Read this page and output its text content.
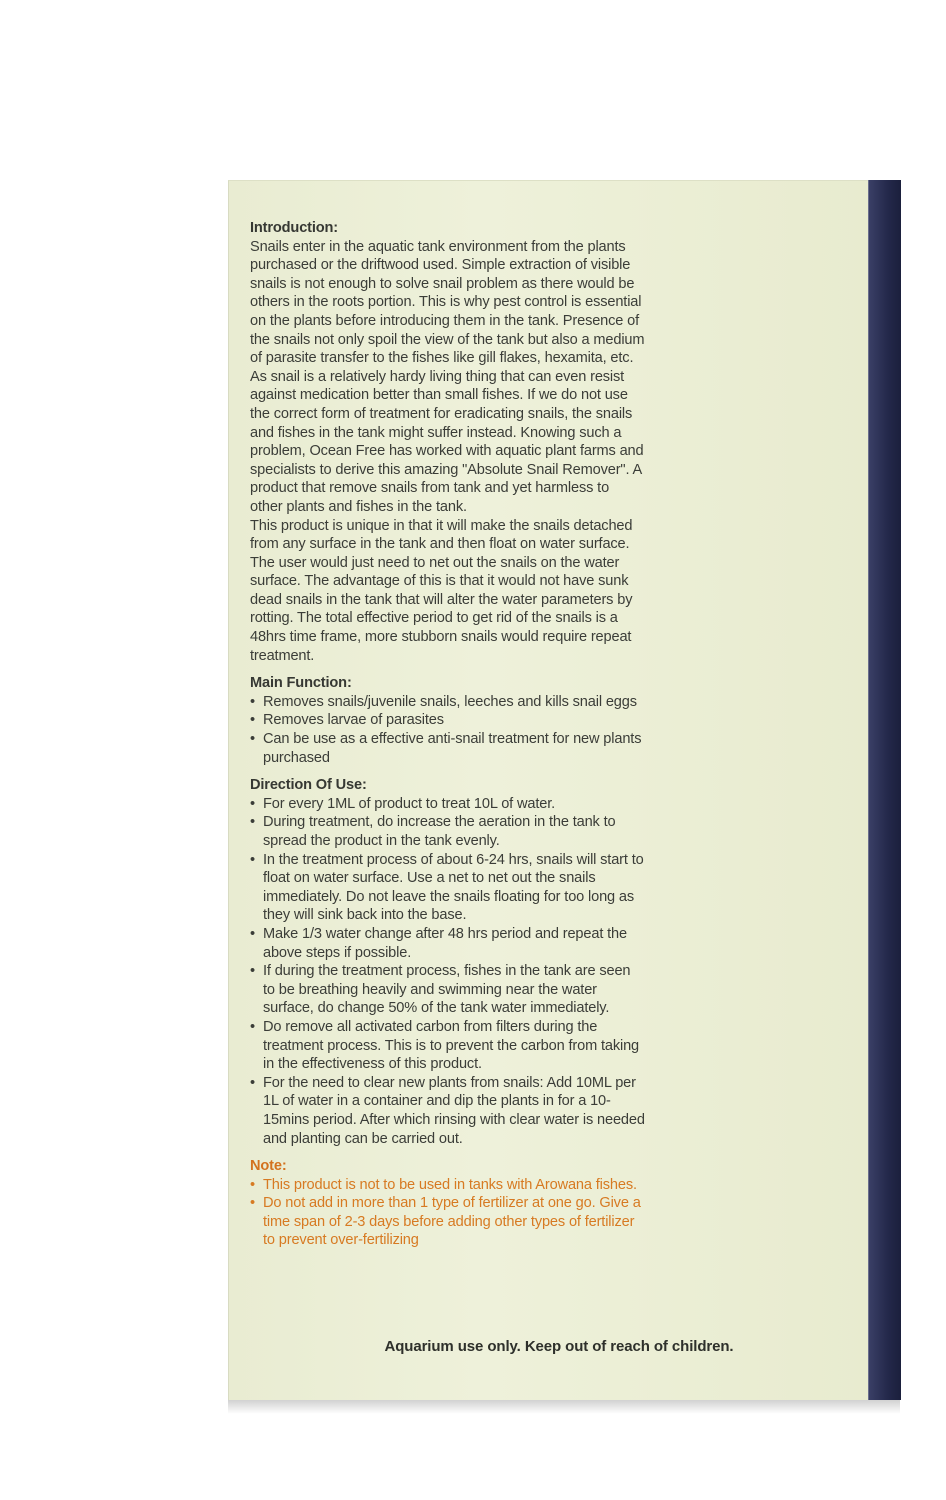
Introduction:

Snails enter in the aquatic tank environment from the plants purchased or the driftwood used. Simple extraction of visible snails is not enough to solve snail problem as there would be others in the roots portion. This is why pest control is essential on the plants before introducing them in the tank. Presence of the snails not only spoil the view of the tank but also a medium of parasite transfer to the fishes like gill flakes, hexamita, etc. As snail is a relatively hardy living thing that can even resist against medication better than small fishes. If we do not use the correct form of treatment for eradicating snails, the snails and fishes in the tank might suffer instead. Knowing such a problem, Ocean Free has worked with aquatic plant farms and specialists to derive this amazing "Absolute Snail Remover". A product that remove snails from tank and yet harmless to other plants and fishes in the tank.

This product is unique in that it will make the snails detached from any surface in the tank and then float on water surface. The user would just need to net out the snails on the water surface. The advantage of this is that it would not have sunk dead snails in the tank that will alter the water parameters by rotting. The total effective period to get rid of the snails is a 48hrs time frame, more stubborn snails would require repeat treatment.

Main Function:

• Removes snails/juvenile snails, leeches and kills snail eggs
• Removes larvae of parasites
• Can be use as a effective anti-snail treatment for new plants purchased

Direction Of Use:

• For every 1ML of product to treat 10L of water.
• During treatment, do increase the aeration in the tank to spread the product in the tank evenly.
• In the treatment process of about 6-24 hrs, snails will start to float on water surface. Use a net to net out the snails immediately. Do not leave the snails floating for too long as they will sink back into the base.
• Make 1/3 water change after 48 hrs period and repeat the above steps if possible.
• If during the treatment process, fishes in the tank are seen to be breathing heavily and swimming near the water surface, do change 50% of the tank water immediately.
• Do remove all activated carbon from filters during the treatment process. This is to prevent the carbon from taking in the effectiveness of this product.
• For the need to clear new plants from snails: Add 10ML per 1L of water in a container and dip the plants in for a 10-15mins period. After which rinsing with clear water is needed and planting can be carried out.

Note:

• This product is not to be used in tanks with Arowana fishes.
• Do not add in more than 1 type of fertilizer at one go. Give a time span of 2-3 days before adding other types of fertilizer to prevent over-fertilizing
Aquarium use only. Keep out of reach of children.
